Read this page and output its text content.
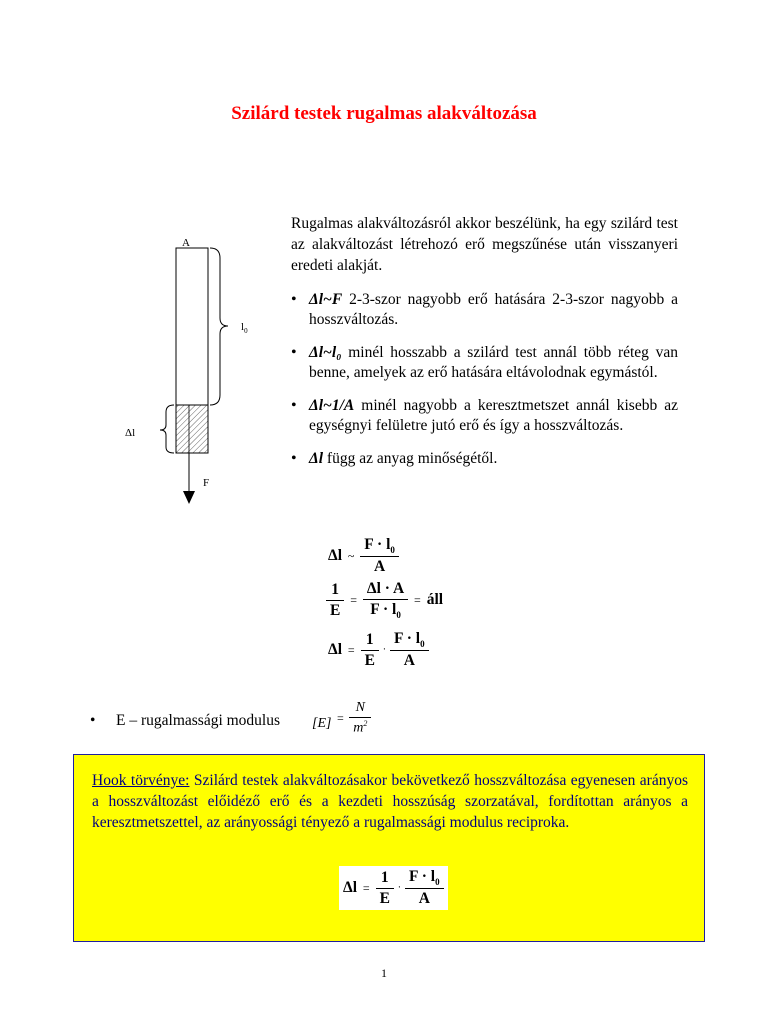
Szilárd testek rugalmas alakváltozása
A
$l_0$
Δl
F

Rugalmas alakváltozásról akkor beszélünk, ha egy szilárd test az alakváltozást létrehozó erő megszűnése után visszanyeri eredeti alakját.

• Δl~F 2-3-szor nagyobb erő hatására 2-3-szor nagyobb a hosszváltozás.
• Δl~l₀ minél hosszabb a szilárd test annál több réteg van benne, amelyek az erő hatására eltávolodnak egymástól.
• Δl~1/A minél nagyobb a keresztmetszet annál kisebb az egységnyi felületre jutó erő és így a hosszváltozás.
• Δl függ az anyag minőségétől.
Δl ~ $\frac{F \cdot l_0}{A}$
$\frac{1}{E} = \frac{\Delta l \cdot A}{F \cdot l_0}$ = áll
$\Delta l = \frac{1}{E} \cdot \frac{F \cdot l_0}{A}$
• E – rugalmassági modulus $[E] = \frac{N}{m^2}$

Hook törvénye: Szilárd testek alakváltozásakor bekövetkező hosszváltozása egyenesen arányos a hosszváltozást előidéző erő és a kezdeti hosszúság szorzatával, fordítottan arányos a keresztmetszettel, az arányossági tényező a rugalmassági modulus reciproka.

$\Delta l = \frac{1}{E} \cdot \frac{F \cdot l_0}{A}$
1
